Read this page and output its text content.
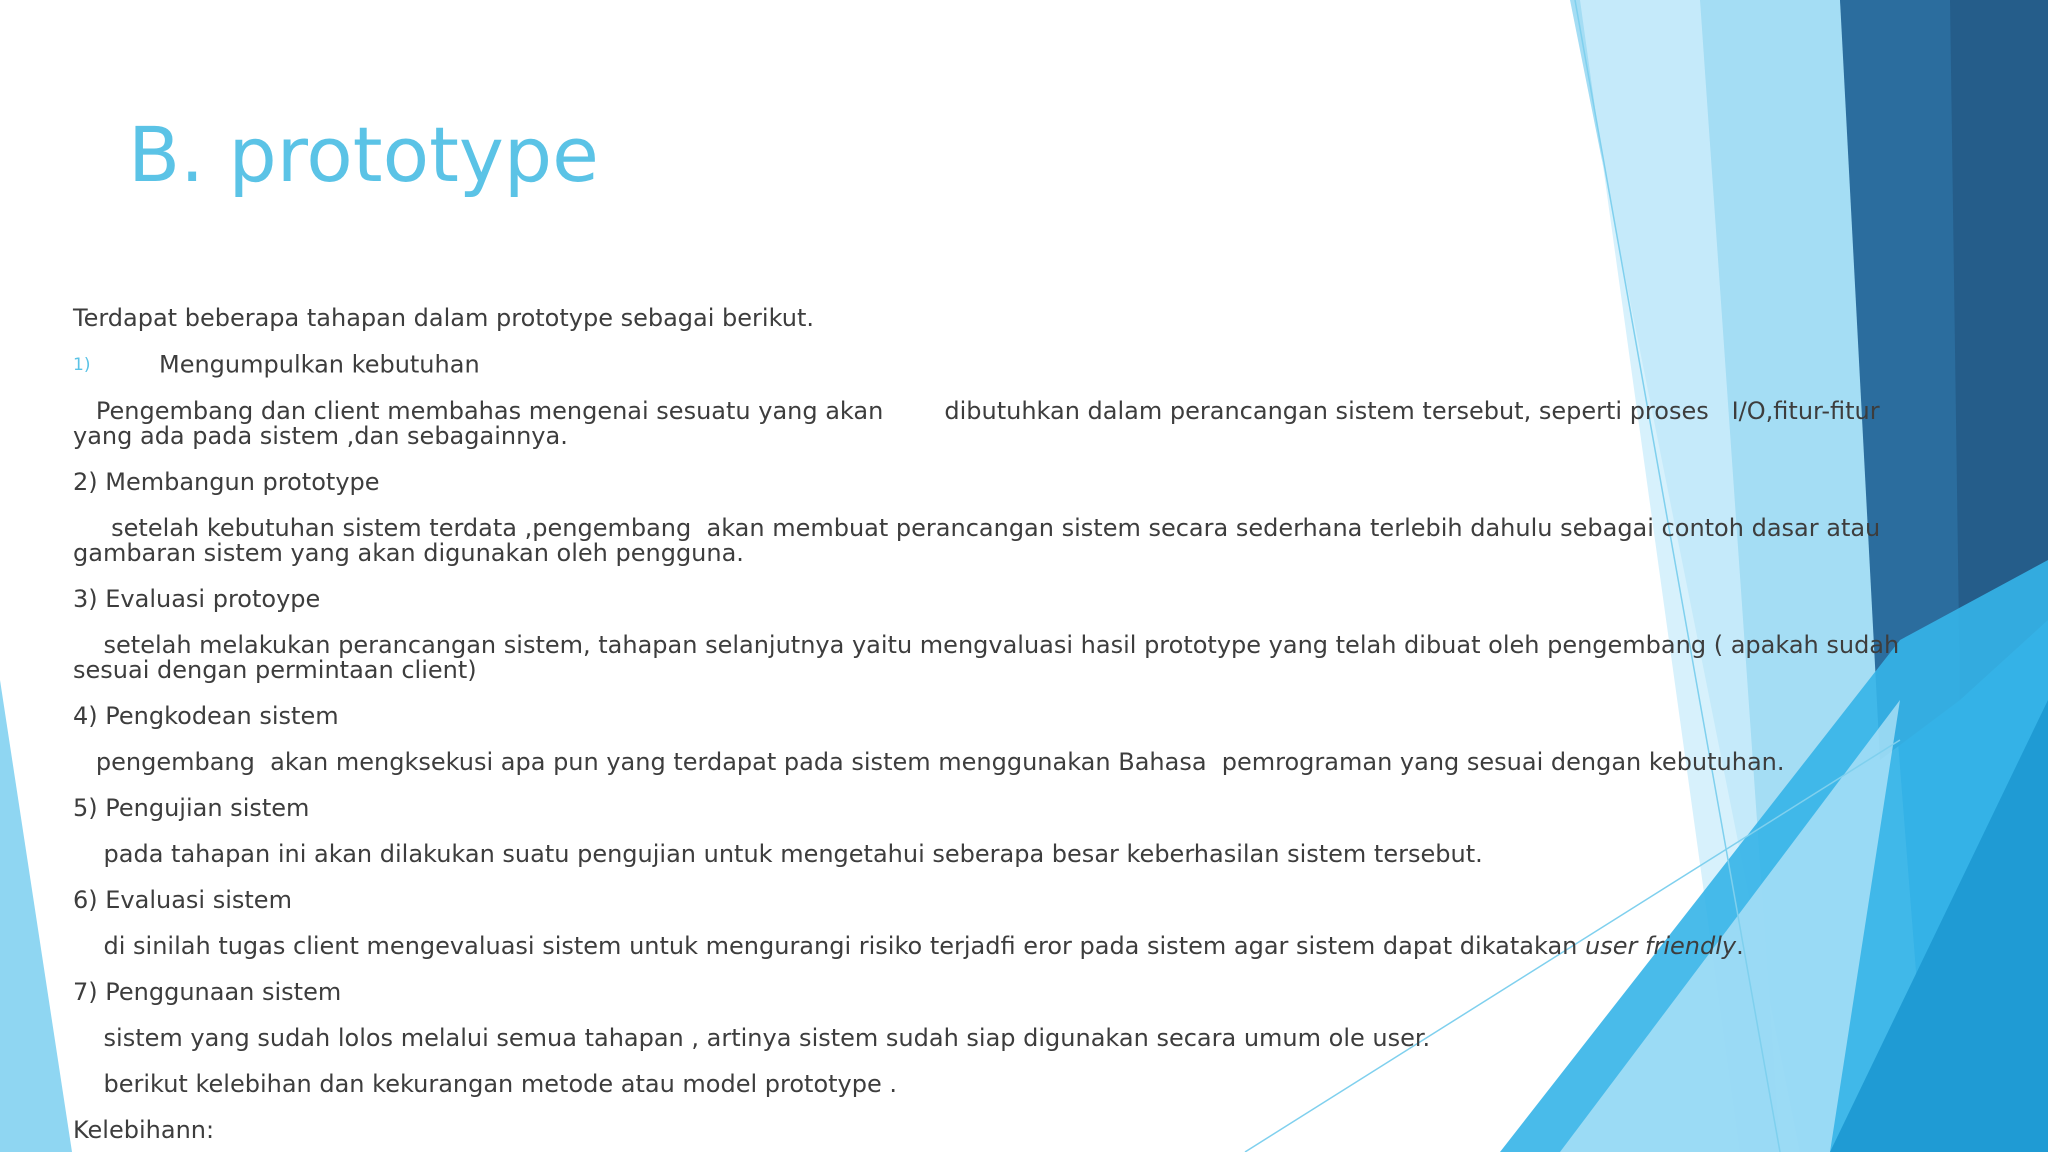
B. prototype

Terdapat beberapa tahapan dalam prototype sebagai berikut.

1)	Mengumpulkan kebutuhan

Pengembang dan client membahas mengenai sesuatu yang akan        dibutuhkan dalam perancangan sistem tersebut, seperti proses   I/O,fitur-fitur yang ada pada sistem ,dan sebagainnya.

2) Membangun prototype

setelah kebutuhan sistem terdata ,pengembang  akan membuat perancangan sistem secara sederhana terlebih dahulu sebagai contoh dasar atau gambaran sistem yang akan digunakan oleh pengguna.

3) Evaluasi protoype

setelah melakukan perancangan sistem, tahapan selanjutnya yaitu mengvaluasi hasil prototype yang telah dibuat oleh pengembang ( apakah sudah sesuai dengan permintaan client)

4) Pengkodean sistem

pengembang  akan mengksekusi apa pun yang terdapat pada sistem menggunakan Bahasa  pemrograman yang sesuai dengan kebutuhan.

5) Pengujian sistem

pada tahapan ini akan dilakukan suatu pengujian untuk mengetahui seberapa besar keberhasilan sistem tersebut.

6) Evaluasi sistem

di sinilah tugas client mengevaluasi sistem untuk mengurangi risiko terjadfi eror pada sistem agar sistem dapat dikatakan user friendly.

7) Penggunaan sistem

sistem yang sudah lolos melalui semua tahapan , artinya sistem sudah siap digunakan secara umum ole user.

berikut kelebihan dan kekurangan metode atau model prototype .

Kelebihann:
